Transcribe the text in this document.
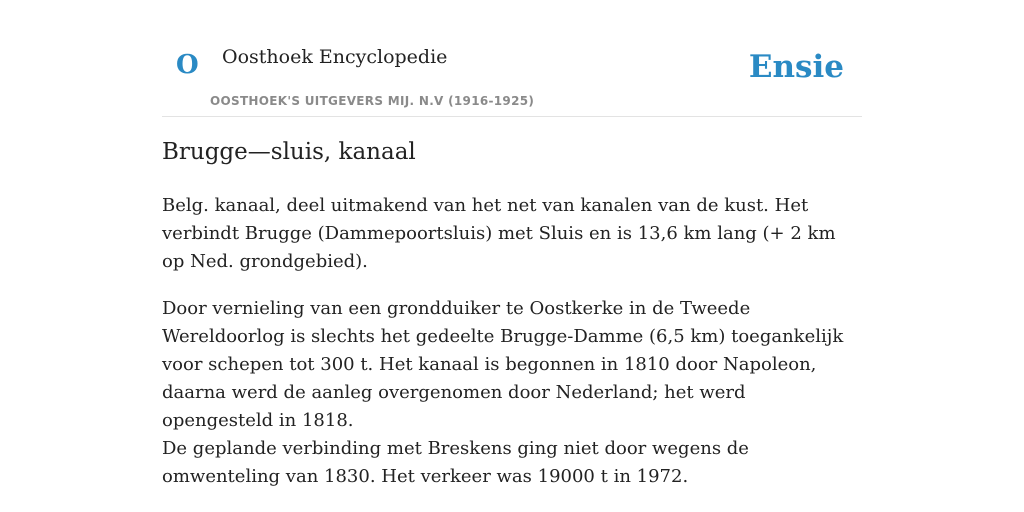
O Oosthoek Encyclopedie
OOSTHOEK'S UITGEVERS MIJ. N.V (1916-1925)
Ensie
Brugge—sluis, kanaal

Belg. kanaal, deel uitmakend van het net van kanalen van de kust. Het verbindt Brugge (Dammepoortsluis) met Sluis en is 13,6 km lang (+ 2 km op Ned. grondgebied).

Door vernieling van een grondduiker te Oostkerke in de Tweede Wereldoorlog is slechts het gedeelte Brugge-Damme (6,5 km) toegankelijk voor schepen tot 300 t. Het kanaal is begonnen in 1810 door Napoleon, daarna werd de aanleg overgenomen door Nederland; het werd opengesteld in 1818.

De geplande verbinding met Breskens ging niet door wegens de omwenteling van 1830. Het verkeer was 19000 t in 1972.
